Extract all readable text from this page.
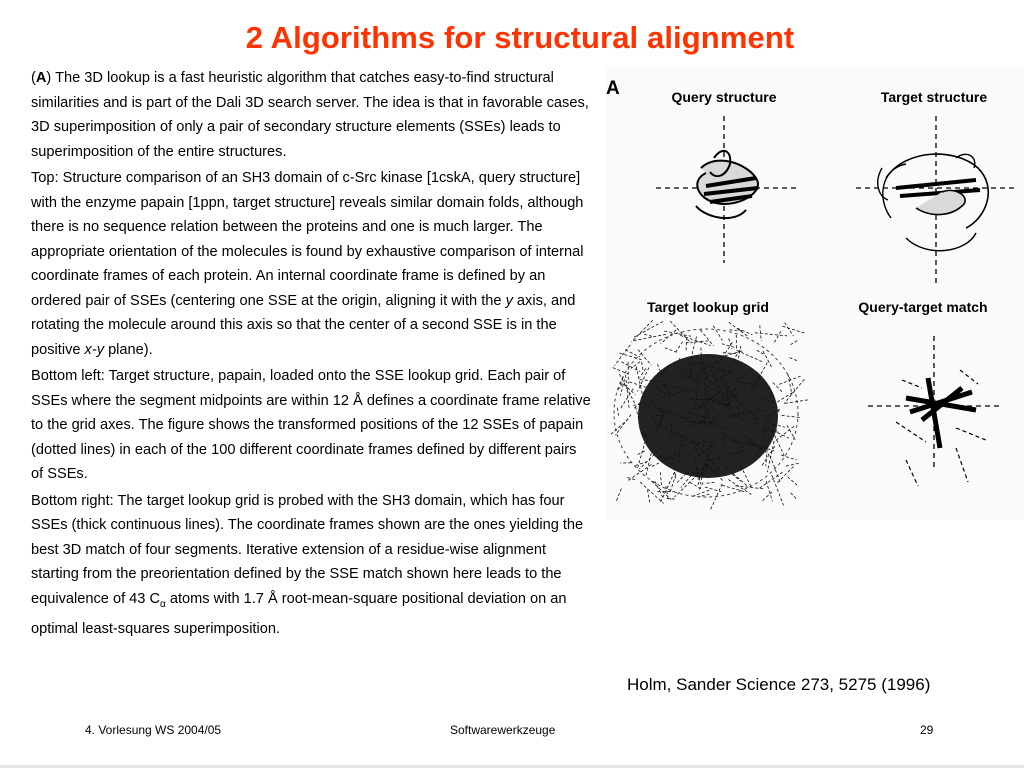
2 Algorithms for structural alignment

(A) The 3D lookup is a fast heuristic algorithm that catches easy-to-find structural similarities and is part of the Dali 3D search server. The idea is that in favorable cases, 3D superimposition of only a pair of secondary structure elements (SSEs) leads to superimposition of the entire structures.

Top: Structure comparison of an SH3 domain of c-Src kinase [1cskA, query structure] with the enzyme papain [1ppn, target structure] reveals similar domain folds, although there is no sequence relation between the proteins and one is much larger. The appropriate orientation of the molecules is found by exhaustive comparison of internal coordinate frames of each protein. An internal coordinate frame is defined by an ordered pair of SSEs (centering one SSE at the origin, aligning it with the y axis, and rotating the molecule around this axis so that the center of a second SSE is in the positive x-y plane).

Bottom left: Target structure, papain, loaded onto the SSE lookup grid. Each pair of SSEs where the segment midpoints are within 12 Å defines a coordinate frame relative to the grid axes. The figure shows the transformed positions of the 12 SSEs of papain (dotted lines) in each of the 100 different coordinate frames defined by different pairs of SSEs.

Bottom right: The target lookup grid is probed with the SH3 domain, which has four SSEs (thick continuous lines). The coordinate frames shown are the ones yielding the best 3D match of four segments. Iterative extension of a residue-wise alignment starting from the preorientation defined by the SSE match shown here leads to the equivalence of 43 $C_\alpha$ atoms with 1.7 Å root-mean-square positional deviation on an optimal least-squares superimposition.

A	Query structure	Target structure
Target lookup grid	Query-target match
Holm, Sander Science 273, 5275 (1996)
4. Vorlesung WS 2004/05	Softwarewerkzeuge	29
